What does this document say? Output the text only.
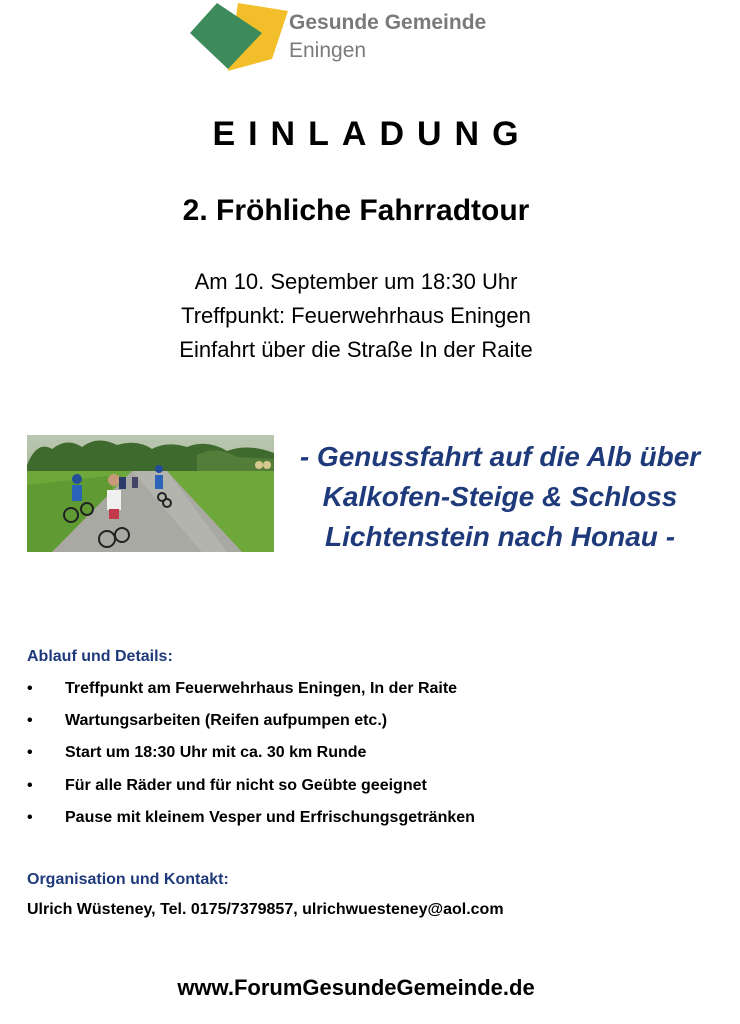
Gesunde Gemeinde
Eningen
EINLADUNG
2. Fröhliche Fahrradtour
Am 10. September um 18:30 Uhr
Treffpunkt: Feuerwehrhaus Eningen
Einfahrt über die Straße In der Raite
- Genussfahrt auf die Alb über
Kalkofen-Steige & Schloss
Lichtenstein nach Honau -
Ablauf und Details:
• Treffpunkt am Feuerwehrhaus Eningen, In der Raite
• Wartungsarbeiten (Reifen aufpumpen etc.)
• Start um 18:30 Uhr mit ca. 30 km Runde
• Für alle Räder und für nicht so Geübte geeignet
• Pause mit kleinem Vesper und Erfrischungsgetränken
Organisation und Kontakt:
Ulrich Wüsteney, Tel. 0175/7379857, ulrichwuesteney@aol.com
www.ForumGesundeGemeinde.de
